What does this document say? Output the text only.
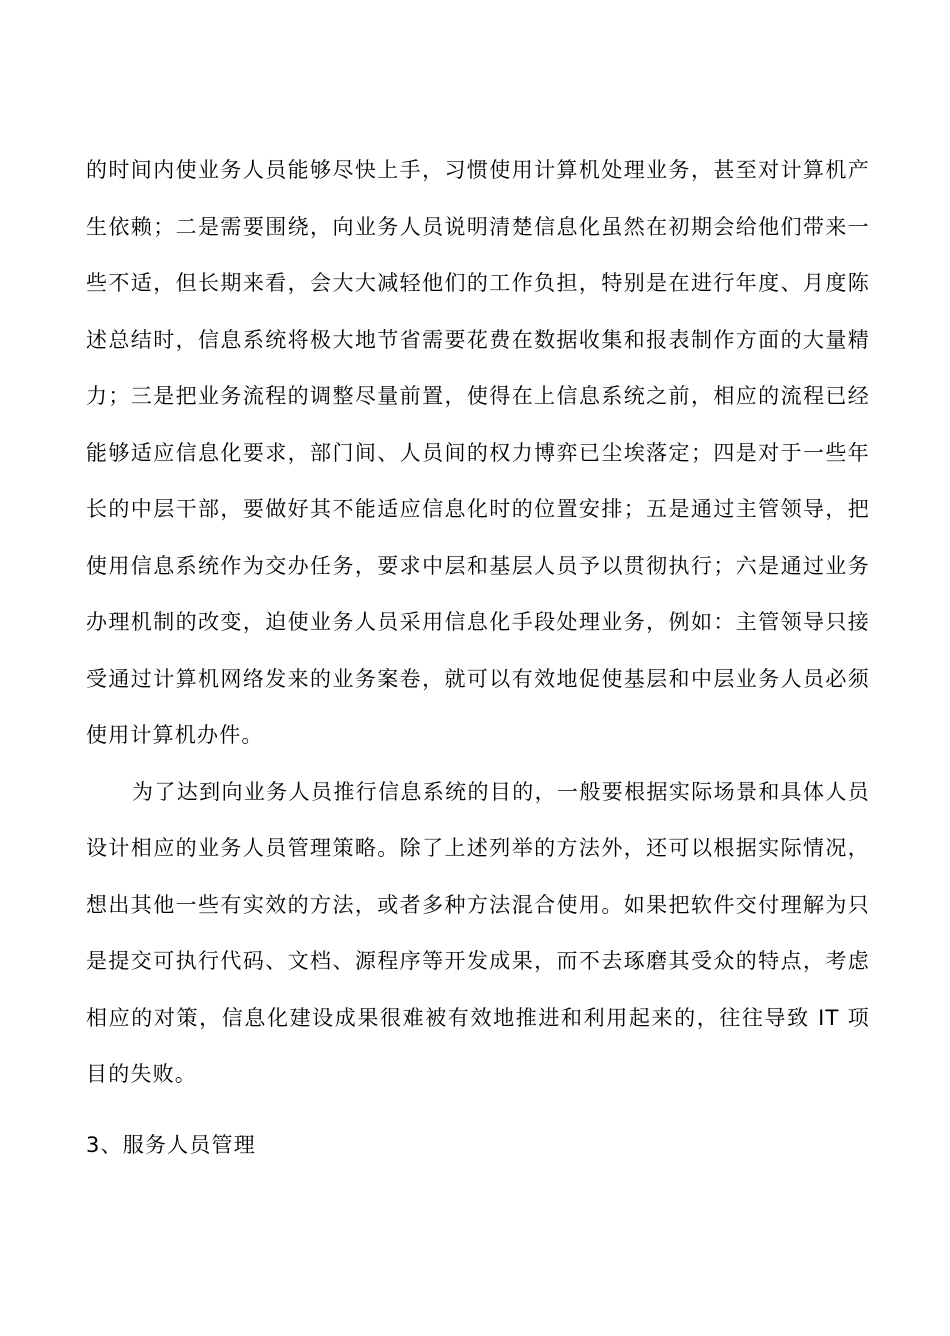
的时间内使业务人员能够尽快上手，习惯使用计算机处理业务，甚至对计算机产生依赖；二是需要围绕，向业务人员说明清楚信息化虽然在初期会给他们带来一些不适，但长期来看，会大大减轻他们的工作负担，特别是在进行年度、月度陈述总结时，信息系统将极大地节省需要花费在数据收集和报表制作方面的大量精力；三是把业务流程的调整尽量前置，使得在上信息系统之前，相应的流程已经能够适应信息化要求，部门间、人员间的权力博弈已尘埃落定；四是对于一些年长的中层干部，要做好其不能适应信息化时的位置安排；五是通过主管领导，把使用信息系统作为交办任务，要求中层和基层人员予以贯彻执行；六是通过业务办理机制的改变，迫使业务人员采用信息化手段处理业务，例如：主管领导只接受通过计算机网络发来的业务案卷，就可以有效地促使基层和中层业务人员必须使用计算机办件。

为了达到向业务人员推行信息系统的目的，一般要根据实际场景和具体人员设计相应的业务人员管理策略。除了上述列举的方法外，还可以根据实际情况，想出其他一些有实效的方法，或者多种方法混合使用。如果把软件交付理解为只是提交可执行代码、文档、源程序等开发成果，而不去琢磨其受众的特点，考虑相应的对策，信息化建设成果很难被有效地推进和利用起来的，往往导致 IT 项目的失败。

3、服务人员管理
